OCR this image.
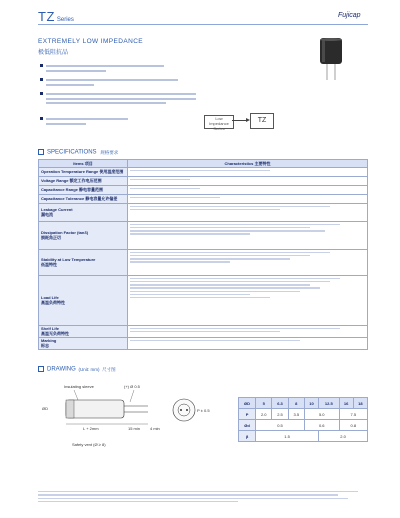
TZ Series
Fujicap
EXTREMELY LOW IMPEDANCE
极低阻抗品
Low Impedance Series
TZ
SPECIFICATIONS 规格要求
Items 项目	Characteristics 主要特性
Operation Temperature Range 使用温度范围	

Voltage Range 额定工作电压范围	

Capacitance Range 静电容量范围	

Capacitance Tolerance 静电容量允许偏差	

Leakage Current
漏电流	

Dissipation Factor (tanδ)
损耗角正切	

Stability at Low Temperature
低温特性	

Load Life
高温负荷特性	

Shelf Life
高温无负荷特性	

Marking
标志	

DRAWING (Unit: mm) 尺寸图
Insulating sleeve	(+) Ø 0.5
L + 2mm	15 min 4 min
ØD
Safety vent (Ø ≥ 8)
P ± 0.5
ØD	5	6.3	8	10	12.5	16	18
P	2.0	2.5	3.5	5.0		7.5	
Ød	0.5			0.6		0.8	
β	1.5				2.0		
